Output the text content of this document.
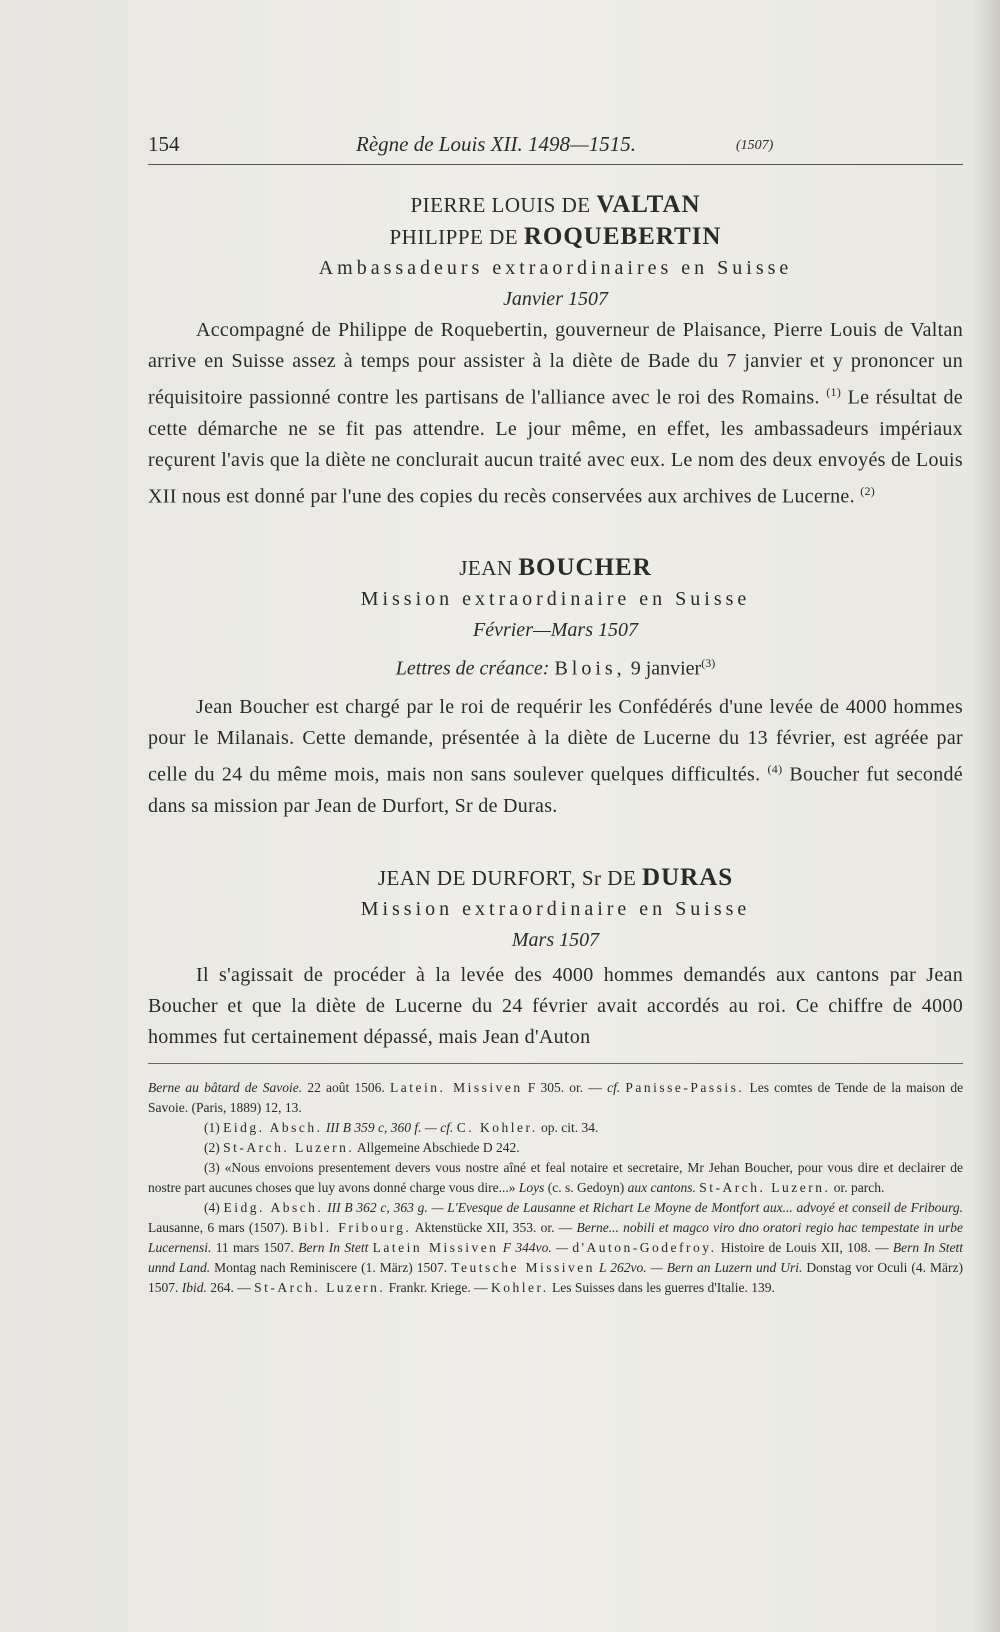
154	Règne de Louis XII. 1498—1515.	(1507)
PIERRE LOUIS DE VALTAN
PHILIPPE DE ROQUEBERTIN
Ambassadeurs extraordinaires en Suisse
Janvier 1507

Accompagné de Philippe de Roquebertin, gouverneur de Plaisance, Pierre Louis de Valtan arrive en Suisse assez à temps pour assister à la diète de Bade du 7 janvier et y prononcer un réquisitoire passionné contre les partisans de l'alliance avec le roi des Romains. $^{(1)}$ Le résultat de cette démarche ne se fit pas attendre. Le jour même, en effet, les ambassadeurs impériaux reçurent l'avis que la diète ne conclurait aucun traité avec eux. Le nom des deux envoyés de Louis XII nous est donné par l'une des copies du recès conservées aux archives de Lucerne. $^{(2)}$

JEAN BOUCHER
Mission extraordinaire en Suisse
Février—Mars 1507
Lettres de créance: Blois, 9 janvier$^{(3)}$

Jean Boucher est chargé par le roi de requérir les Confédérés d'une levée de 4000 hommes pour le Milanais. Cette demande, présentée à la diète de Lucerne du 13 février, est agréée par celle du 24 du même mois, mais non sans soulever quelques difficultés. $^{(4)}$ Boucher fut secondé dans sa mission par Jean de Durfort, Sr de Duras.

JEAN DE DURFORT, Sr DE DURAS
Mission extraordinaire en Suisse
Mars 1507

Il s'agissait de procéder à la levée des 4000 hommes demandés aux cantons par Jean Boucher et que la diète de Lucerne du 24 février avait accordés au roi. Ce chiffre de 4000 hommes fut certainement dépassé, mais Jean d'Auton

Berne au bâtard de Savoie. 22 août 1506. Latein. Missiven F 305. or. — cf. Panisse-Passis. Les comtes de Tende de la maison de Savoie. (Paris, 1889) 12, 13.

(1) Eidg. Absch. III B 359 c, 360 f. — cf. C. Kohler. op. cit. 34.

(2) St-Arch. Luzern. Allgemeine Abschiede D 242.

(3) «Nous envoions presentement devers vous nostre aîné et feal notaire et secretaire, Mr Jehan Boucher, pour vous dire et declairer de nostre part aucunes choses que luy avons donné charge vous dire...» Loys (c. s. Gedoyn) aux cantons. St-Arch. Luzern. or. parch.

(4) Eidg. Absch. III B 362 c, 363 g. — L'Evesque de Lausanne et Richart Le Moyne de Montfort aux... advoyé et conseil de Fribourg. Lausanne, 6 mars (1507). Bibl. Fribourg. Aktenstücke XII, 353. or. — Berne... nobili et magco viro dno oratori regio hac tempestate in urbe Lucernensi. 11 mars 1507. Bern In Stett Latein Missiven F 344vo. — d'Auton-Godefroy. Histoire de Louis XII, 108. — Bern In Stett unnd Land. Montag nach Reminiscere (1. März) 1507. Teutsche Missiven L 262vo. — Bern an Luzern und Uri. Donstag vor Oculi (4. März) 1507. Ibid. 264. — St-Arch. Luzern. Frankr. Kriege. — Kohler. Les Suisses dans les guerres d'Italie. 139.
